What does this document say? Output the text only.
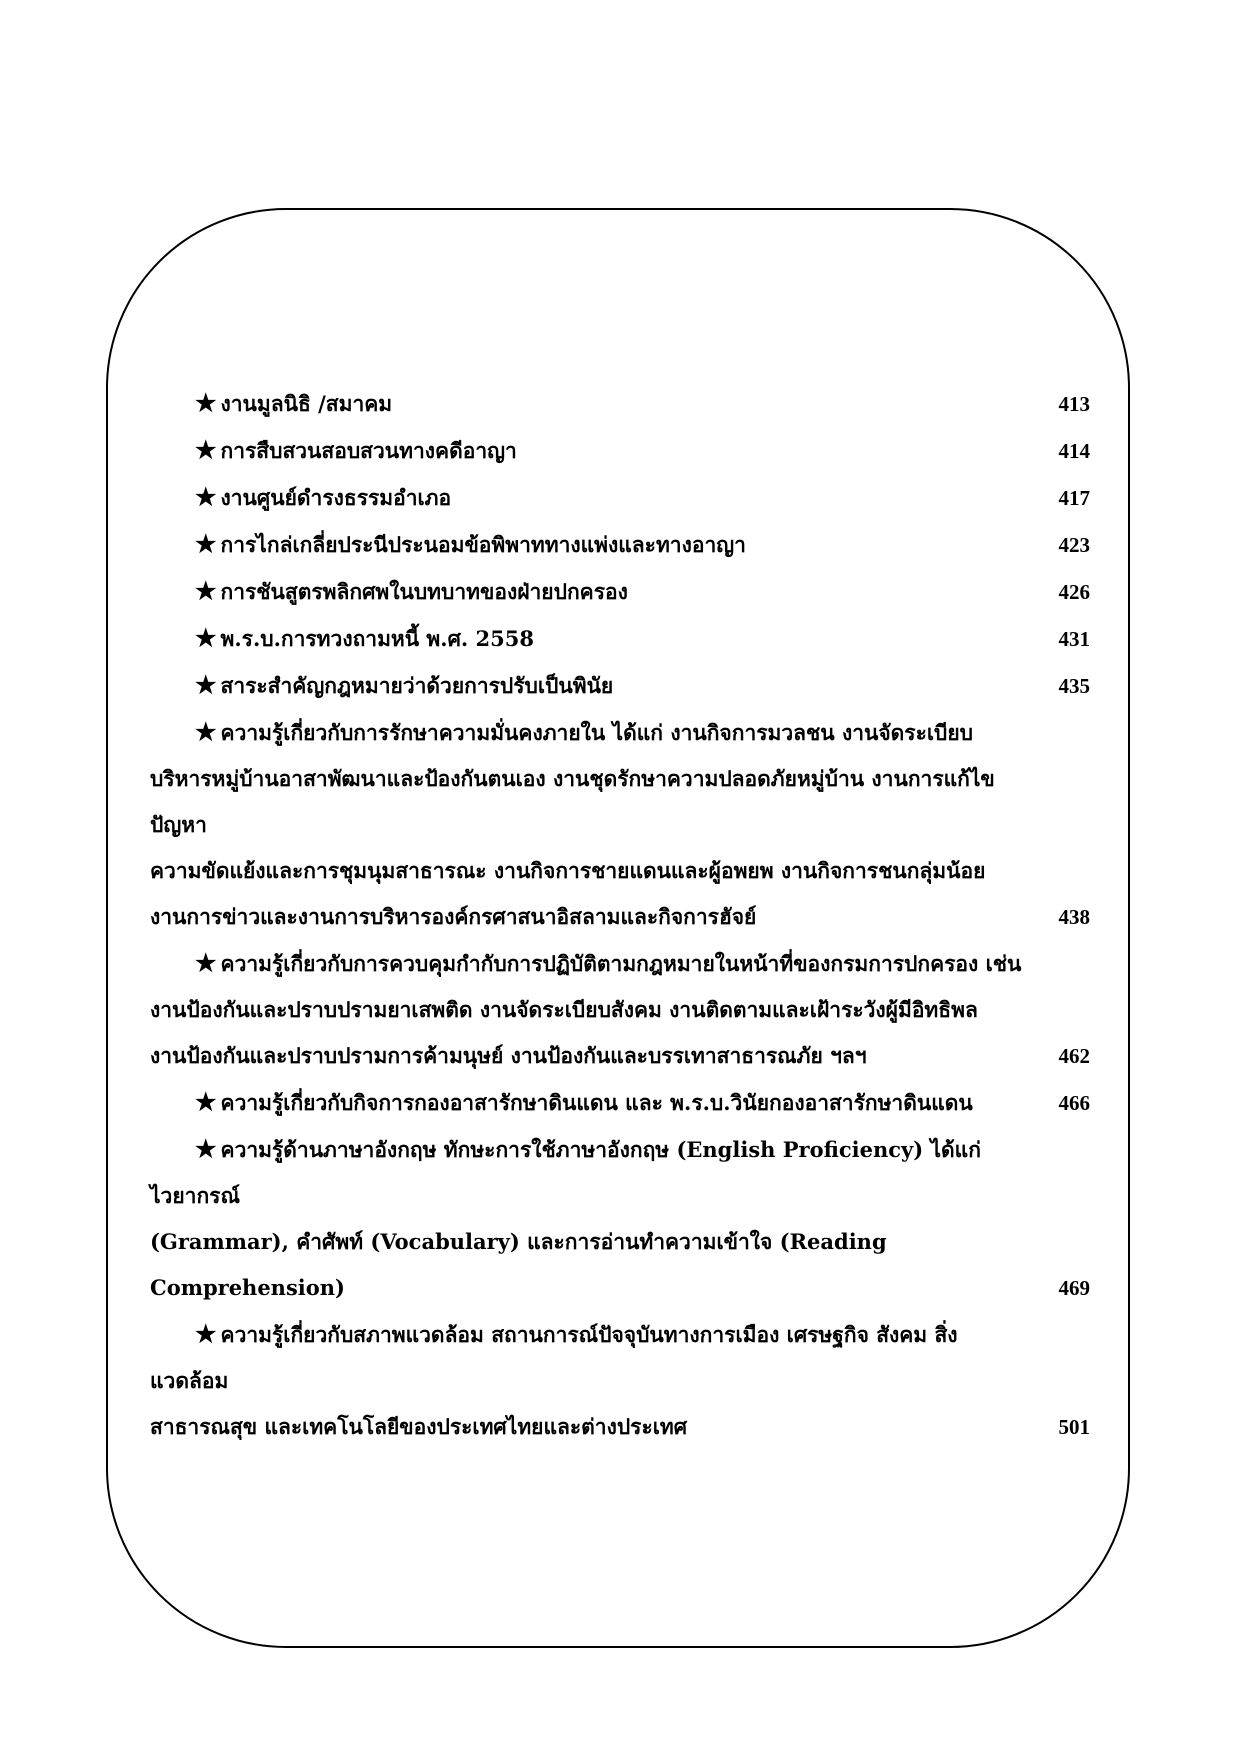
★ งานมูลนิธิ /สมาคม	413
★ การสืบสวนสอบสวนทางคดีอาญา	414
★ งานศูนย์ดำรงธรรมอำเภอ	417
★ การไกล่เกลี่ยประนีประนอมข้อพิพาททางแพ่งและทางอาญา	423
★ การชันสูตรพลิกศพในบทบาทของฝ่ายปกครอง	426
★ พ.ร.บ.การทวงถามหนี้ พ.ศ. 2558	431
★ สาระสำคัญกฎหมายว่าด้วยการปรับเป็นพินัย	435
★ ความรู้เกี่ยวกับการรักษาความมั่นคงภายใน ได้แก่ งานกิจการมวลชน งานจัดระเบียบ
บริหารหมู่บ้านอาสาพัฒนาและป้องกันตนเอง งานชุดรักษาความปลอดภัยหมู่บ้าน งานการแก้ไขปัญหา
ความขัดแย้งและการชุมนุมสาธารณะ งานกิจการชายแดนและผู้อพยพ งานกิจการชนกลุ่มน้อย
งานการข่าวและงานการบริหารองค์กรศาสนาอิสลามและกิจการฮัจย์	438
★ ความรู้เกี่ยวกับการควบคุมกำกับการปฏิบัติตามกฎหมายในหน้าที่ของกรมการปกครอง เช่น
งานป้องกันและปราบปรามยาเสพติด งานจัดระเบียบสังคม งานติดตามและเฝ้าระวังผู้มีอิทธิพล
งานป้องกันและปราบปรามการค้ามนุษย์ งานป้องกันและบรรเทาสาธารณภัย ฯลฯ	462
★ ความรู้เกี่ยวกับกิจการกองอาสารักษาดินแดน และ พ.ร.บ.วินัยกองอาสารักษาดินแดน	466
★ ความรู้ด้านภาษาอังกฤษ ทักษะการใช้ภาษาอังกฤษ (English Proficiency) ได้แก่ ไวยากรณ์
(Grammar), คำศัพท์ (Vocabulary) และการอ่านทำความเข้าใจ (Reading Comprehension)	469
★ ความรู้เกี่ยวกับสภาพแวดล้อม สถานการณ์ปัจจุบันทางการเมือง เศรษฐกิจ สังคม สิ่งแวดล้อม
สาธารณสุข และเทคโนโลยีของประเทศไทยและต่างประเทศ	501
